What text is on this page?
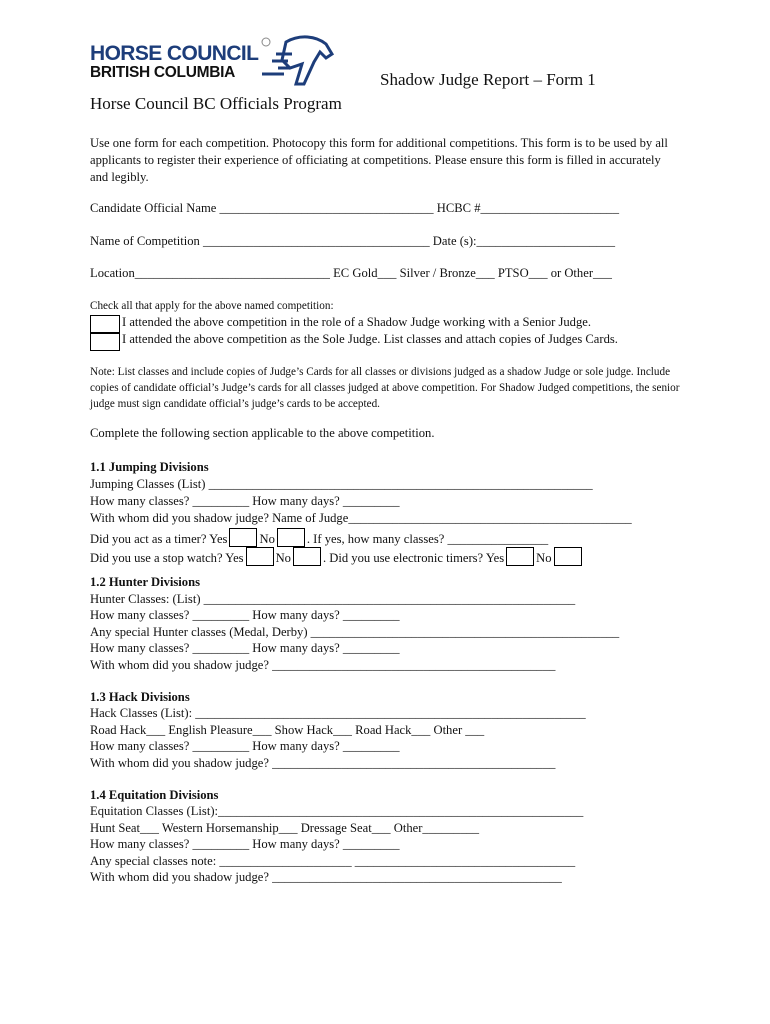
HORSE COUNCIL
BRITISH COLUMBIA	Shadow Judge Report – Form 1
Horse Council BC Officials Program
Use one form for each competition. Photocopy this form for additional competitions. This form is to be used by all applicants to register their experience of officiating at competitions. Please ensure this form is filled in accurately and legibly.
Candidate Official Name __________________________________ HCBC #______________________
Name of Competition ____________________________________ Date (s):______________________
Location_______________________________ EC Gold___ Silver / Bronze___ PTSO___ or Other___
Check all that apply for the above named competition:
I attended the above competition in the role of a Shadow Judge working with a Senior Judge.
I attended the above competition as the Sole Judge. List classes and attach copies of Judges Cards.
Note: List classes and include copies of Judge’s Cards for all classes or divisions judged as a shadow Judge or sole judge. Include copies of candidate official’s Judge’s cards for all classes judged at above competition. For Shadow Judged competitions, the senior judge must sign candidate official’s judge’s cards to be accepted.
Complete the following section applicable to the above competition.
1.1 Jumping Divisions
Jumping Classes (List) _____________________________________________________________
How many classes? _________ How many days? _________
With whom did you shadow judge? Name of Judge_____________________________________________
Did you act as a timer? Yes	No	. If yes, how many classes? ________________
Did you use a stop watch? Yes	No	. Did you use electronic timers? Yes	No
1.2 Hunter Divisions
Hunter Classes: (List) ___________________________________________________________
How many classes? _________ How many days? _________
Any special Hunter classes (Medal, Derby) _________________________________________________
How many classes? _________ How many days? _________
With whom did you shadow judge? _____________________________________________
1.3 Hack Divisions
Hack Classes (List): ______________________________________________________________
Road Hack___ English Pleasure___ Show Hack___ Road Hack___ Other ___
How many classes? _________ How many days? _________
With whom did you shadow judge? _____________________________________________
1.4 Equitation Divisions
Equitation Classes (List):__________________________________________________________
Hunt Seat___ Western Horsemanship___ Dressage Seat___ Other_________
How many classes? _________ How many days? _________
Any special classes note: _____________________ ___________________________________
With whom did you shadow judge? ______________________________________________
